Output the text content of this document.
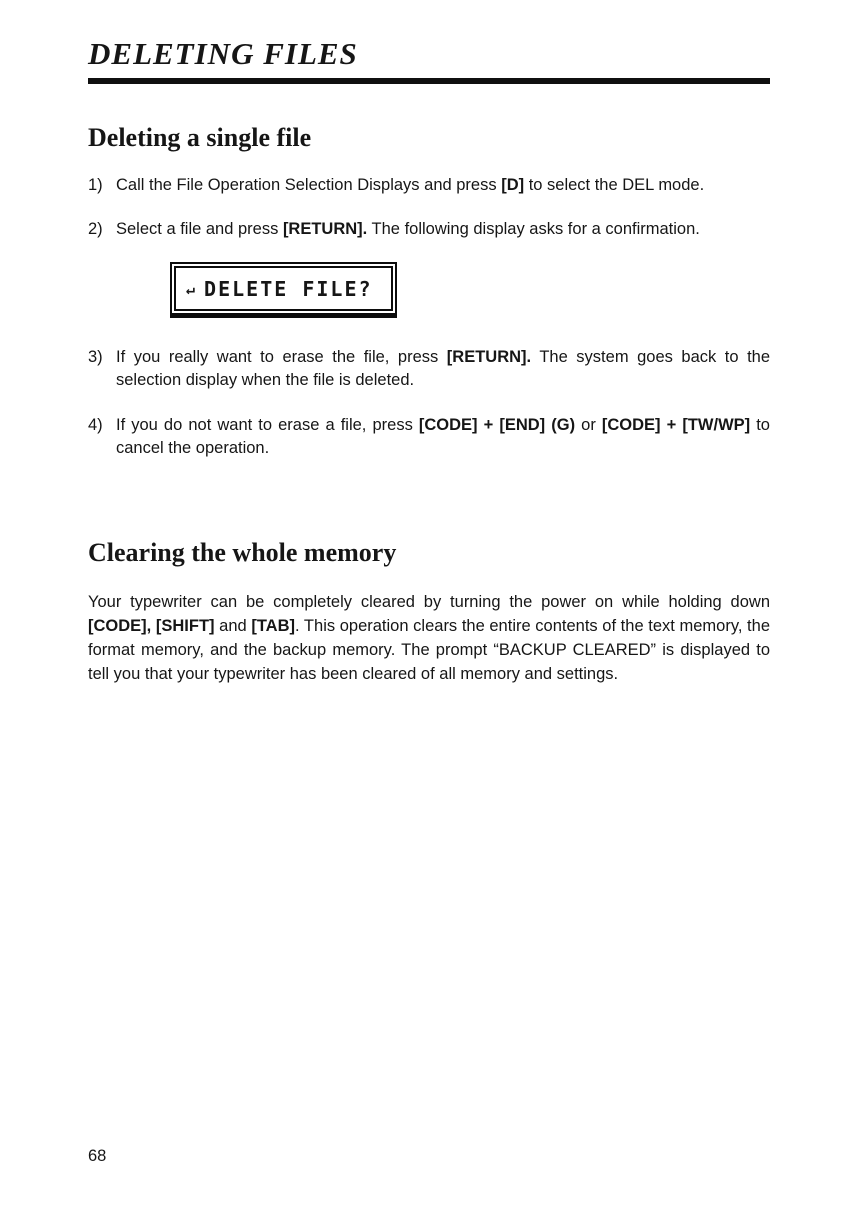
DELETING FILES
Deleting a single file
1) Call the File Operation Selection Displays and press [D] to select the DEL mode.

2) Select a file and press [RETURN]. The following display asks for a confirmation.

↵ DELETE FILE?
3) If you really want to erase the file, press [RETURN]. The system goes back to the selection display when the file is deleted.

4) If you do not want to erase a file, press [CODE] + [END] (G) or [CODE] + [TW/WP] to cancel the operation.

Clearing the whole memory

Your typewriter can be completely cleared by turning the power on while holding down [CODE], [SHIFT] and [TAB]. This operation clears the entire contents of the text memory, the format memory, and the backup memory. The prompt “BACKUP CLEARED” is displayed to tell you that your typewriter has been cleared of all memory and settings.

68
